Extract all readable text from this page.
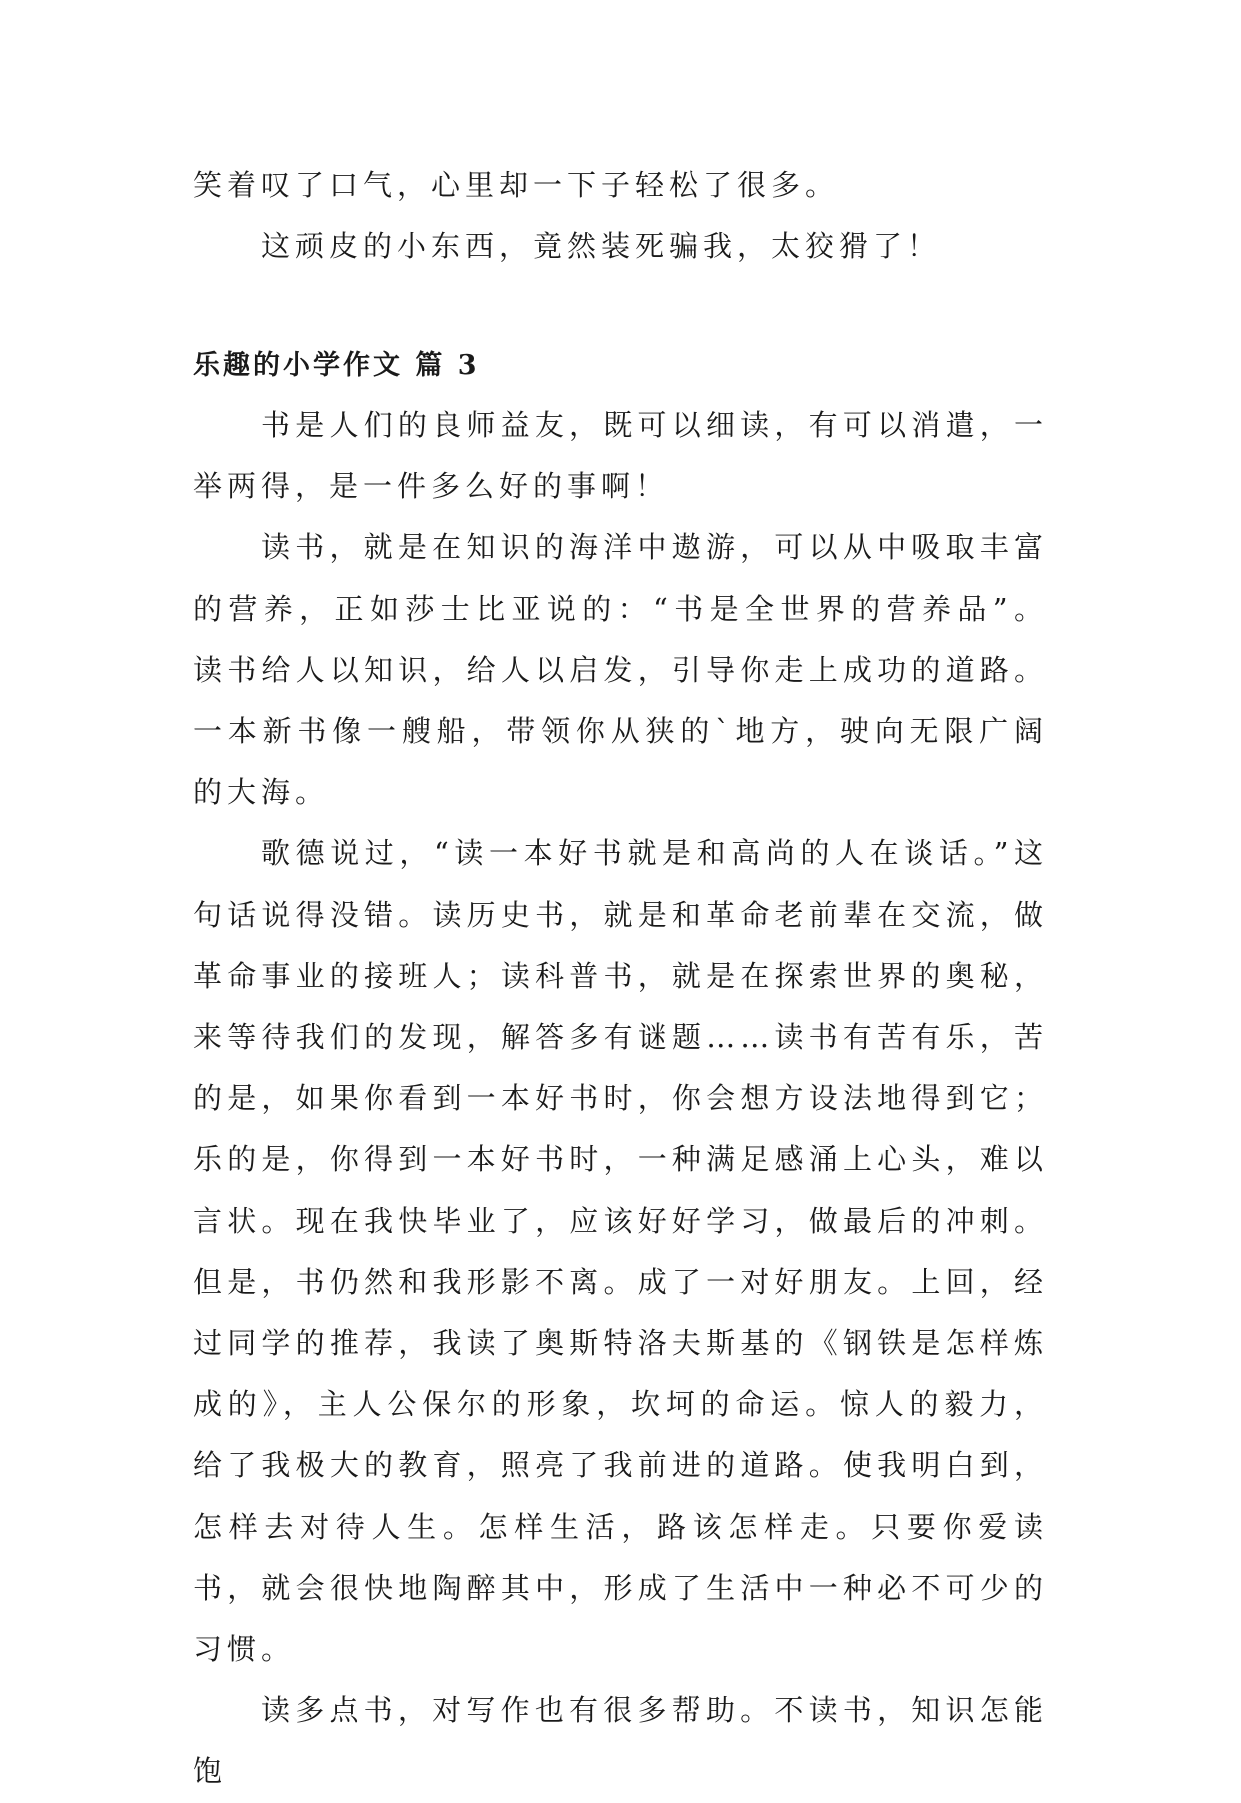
笑着叹了口气，心里却一下子轻松了很多。

这顽皮的小东西，竟然装死骗我，太狡猾了！

乐趣的小学作文 篇 3

书是人们的良师益友，既可以细读，有可以消遣，一举两得，是一件多么好的事啊！

读书，就是在知识的海洋中遨游，可以从中吸取丰富的营养，正如莎士比亚说的：“书是全世界的营养品”。读书给人以知识，给人以启发，引导你走上成功的道路。一本新书像一艘船，带领你从狭的`地方，驶向无限广阔的大海。

歌德说过，“读一本好书就是和高尚的人在谈话。”这句话说得没错。读历史书，就是和革命老前辈在交流，做革命事业的接班人；读科普书，就是在探索世界的奥秘，来等待我们的发现，解答多有谜题……读书有苦有乐，苦的是，如果你看到一本好书时，你会想方设法地得到它；乐的是，你得到一本好书时，一种满足感涌上心头，难以言状。现在我快毕业了，应该好好学习，做最后的冲刺。但是，书仍然和我形影不离。成了一对好朋友。上回，经过同学的推荐，我读了奥斯特洛夫斯基的《钢铁是怎样炼成的》，主人公保尔的形象，坎坷的命运。惊人的毅力，给了我极大的教育，照亮了我前进的道路。使我明白到，怎样去对待人生。怎样生活，路该怎样走。只要你爱读书，就会很快地陶醉其中，形成了生活中一种必不可少的习惯。

读多点书，对写作也有很多帮助。不读书，知识怎能饱
